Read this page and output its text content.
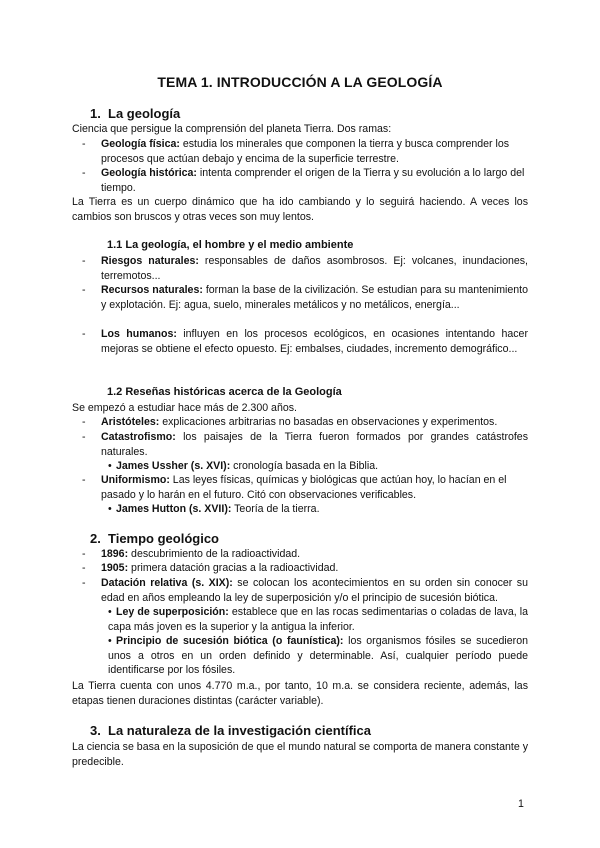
TEMA 1. INTRODUCCIÓN A LA GEOLOGÍA
1. La geología
Ciencia que persigue la comprensión del planeta Tierra. Dos ramas:
- Geología física: estudia los minerales que componen la tierra y busca comprender los procesos que actúan debajo y encima de la superficie terrestre.
- Geología histórica: intenta comprender el origen de la Tierra y su evolución a lo largo del tiempo.
La Tierra es un cuerpo dinámico que ha ido cambiando y lo seguirá haciendo. A veces los cambios son bruscos y otras veces son muy lentos.
1.1 La geología, el hombre y el medio ambiente
- Riesgos naturales: responsables de daños asombrosos. Ej: volcanes, inundaciones, terremotos...
- Recursos naturales: forman la base de la civilización. Se estudian para su mantenimiento y explotación. Ej: agua, suelo, minerales metálicos y no metálicos, energía...
- Los humanos: influyen en los procesos ecológicos, en ocasiones intentando hacer mejoras se obtiene el efecto opuesto. Ej: embalses, ciudades, incremento demográfico...
1.2 Reseñas históricas acerca de la Geología
Se empezó a estudiar hace más de 2.300 años.
- Aristóteles: explicaciones arbitrarias no basadas en observaciones y experimentos.
- Catastrofismo: los paisajes de la Tierra fueron formados por grandes catástrofes naturales.
• James Ussher (s. XVI): cronología basada en la Biblia.
- Uniformismo: Las leyes físicas, químicas y biológicas que actúan hoy, lo hacían en el pasado y lo harán en el futuro. Citó con observaciones verificables.
• James Hutton (s. XVII): Teoría de la tierra.
2. Tiempo geológico
- 1896: descubrimiento de la radioactividad.
- 1905: primera datación gracias a la radioactividad.
- Datación relativa (s. XIX): se colocan los acontecimientos en su orden sin conocer su edad en años empleando la ley de superposición y/o el principio de sucesión biótica.
• Ley de superposición: establece que en las rocas sedimentarias o coladas de lava, la capa más joven es la superior y la antigua la inferior.
• Principio de sucesión biótica (o faunística): los organismos fósiles se sucedieron unos a otros en un orden definido y determinable. Así, cualquier período puede identificarse por los fósiles.
La Tierra cuenta con unos 4.770 m.a., por tanto, 10 m.a. se considera reciente, además, las etapas tienen duraciones distintas (carácter variable).
3. La naturaleza de la investigación científica
La ciencia se basa en la suposición de que el mundo natural se comporta de manera constante y predecible.
1
